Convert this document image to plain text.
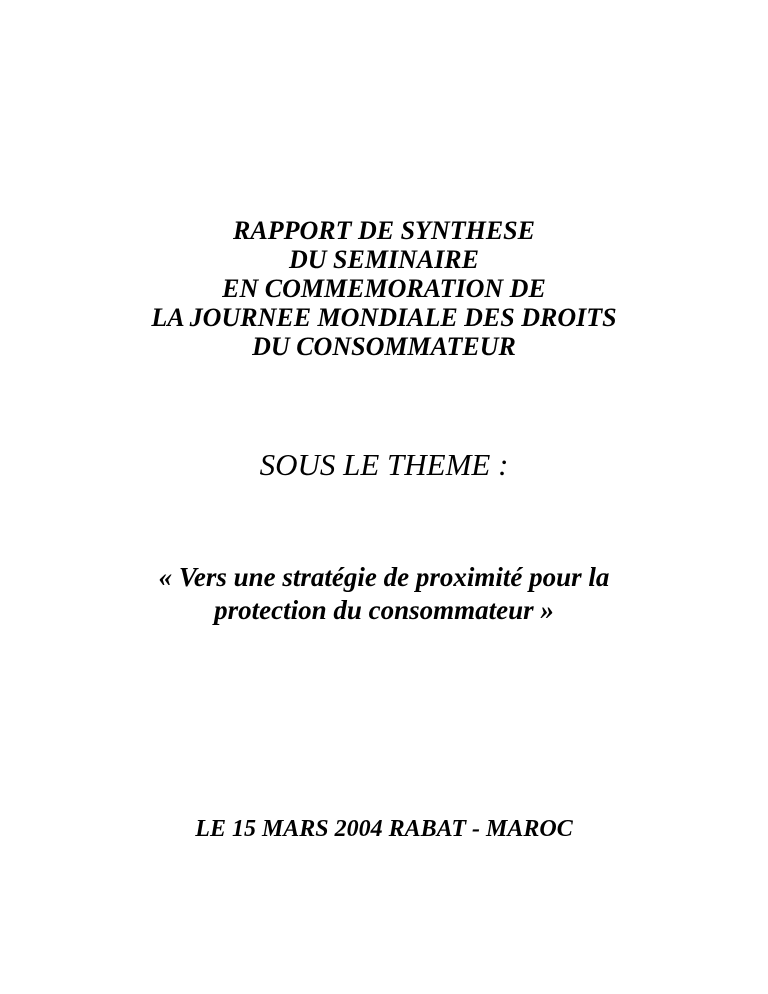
RAPPORT DE SYNTHESE
DU SEMINAIRE
EN COMMEMORATION DE
LA JOURNEE MONDIALE DES DROITS
DU CONSOMMATEUR
SOUS LE THEME :
« Vers une stratégie de proximité pour la
protection du consommateur »
LE 15 MARS 2004 RABAT - MAROC
